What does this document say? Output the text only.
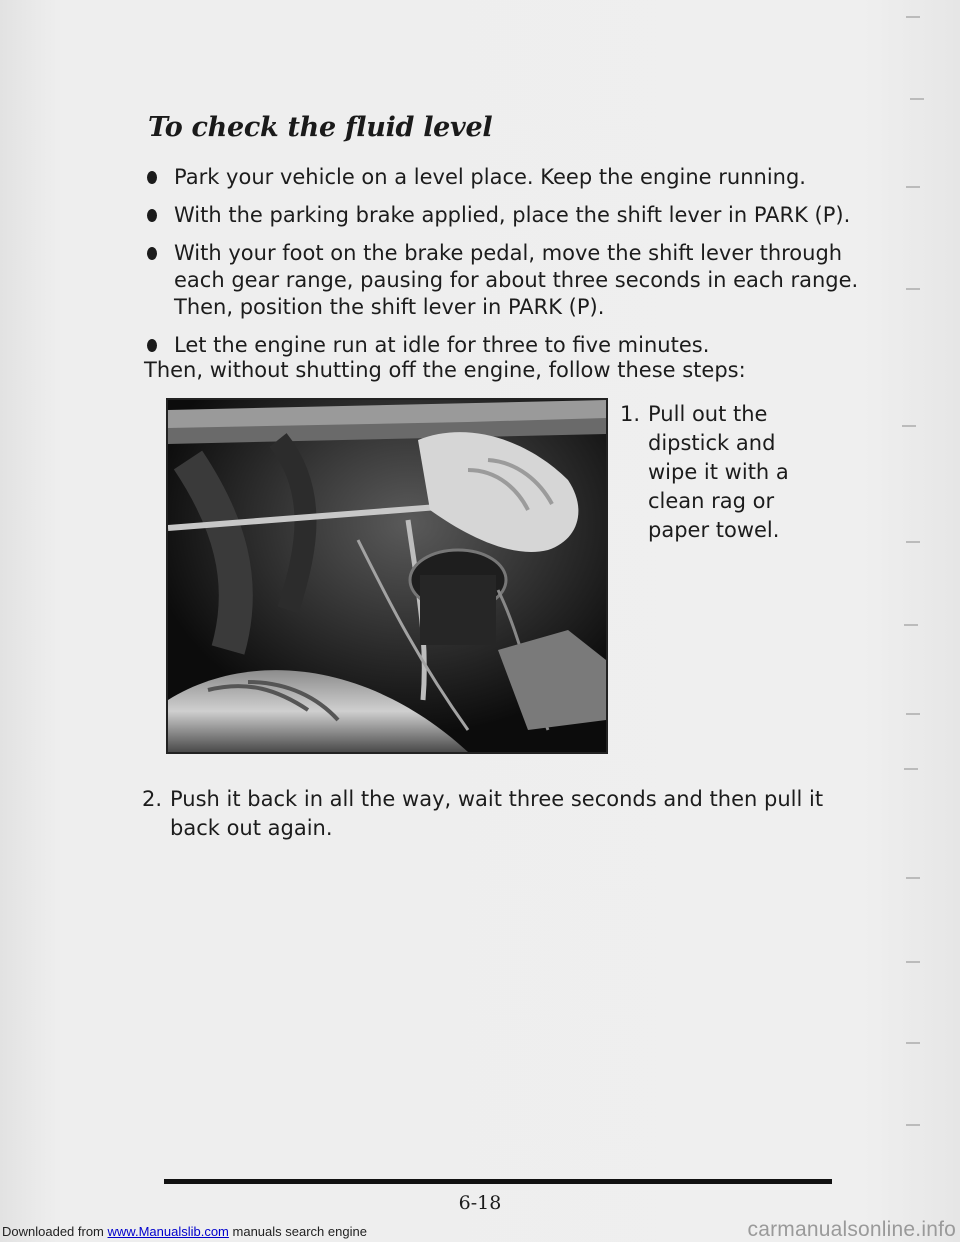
To check the fluid level
Park your vehicle on a level place. Keep the engine running.
With the parking brake applied, place the shift lever in PARK (P).
With your foot on the brake pedal, move the shift lever through each gear range, pausing for about three seconds in each range. Then, position the shift lever in PARK (P).
Let the engine run at idle for three to five minutes.
Then, without shutting off the engine, follow these steps:
1. Pull out the dipstick and wipe it with a clean rag or paper towel.
2. Push it back in all the way, wait three seconds and then pull it back out again.
6-18
Downloaded from www.Manualslib.com manuals search engine	carmanualsonline.info
